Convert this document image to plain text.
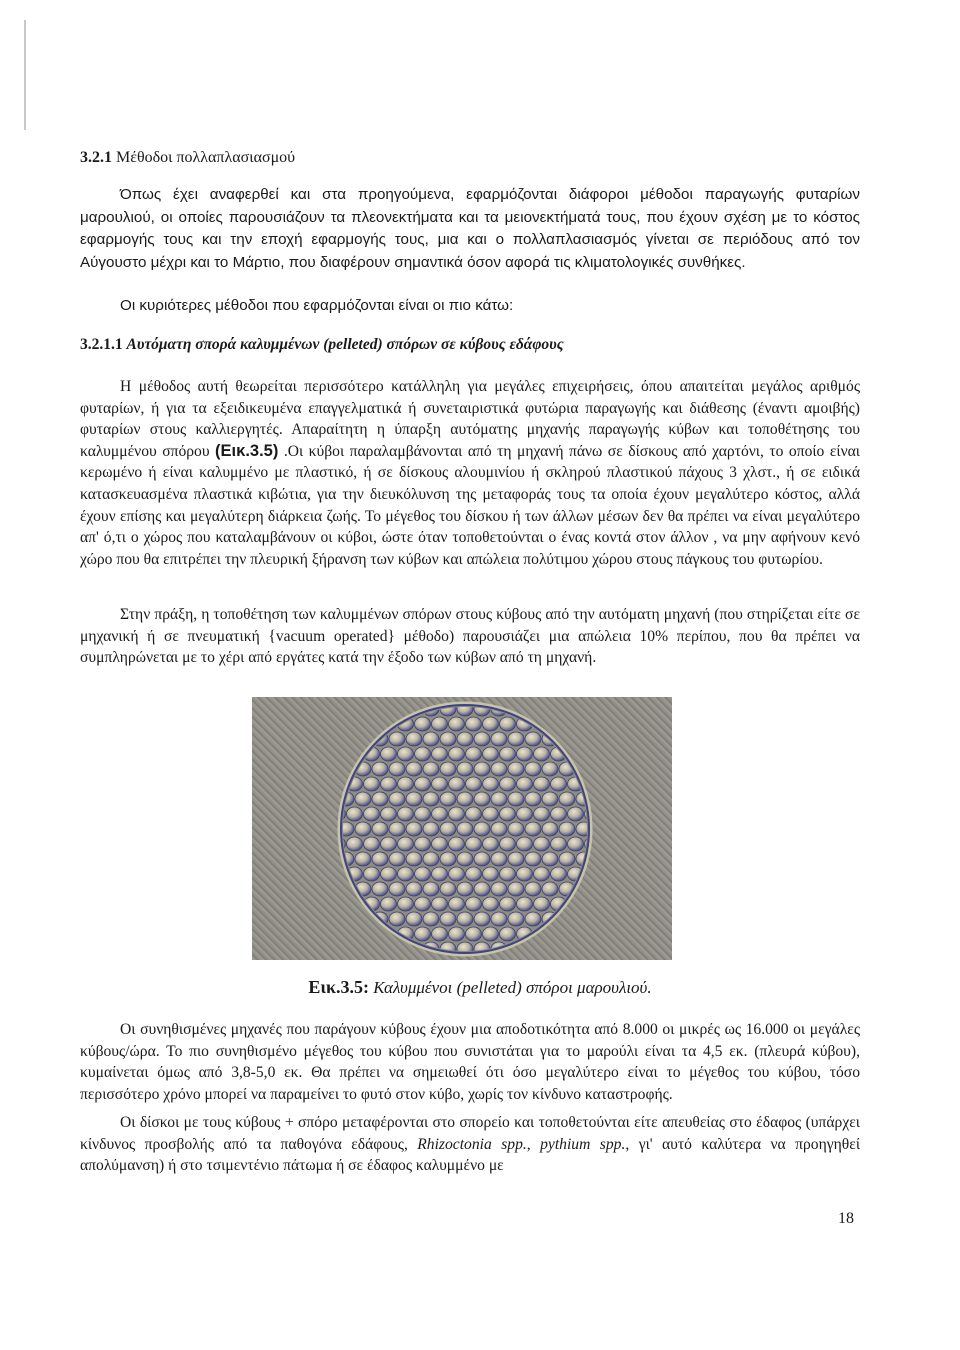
3.2.1 Μέθοδοι πολλαπλασιασμού

Όπως έχει αναφερθεί και στα προηγούμενα, εφαρμόζονται διάφοροι μέθοδοι παραγωγής φυταρίων μαρουλιού, οι οποίες παρουσιάζουν τα πλεονεκτήματα και τα μειονεκτήματά τους, που έχουν σχέση με το κόστος εφαρμογής τους και την εποχή εφαρμογής τους, μια και ο πολλαπλασιασμός γίνεται σε περιόδους από τον Αύγουστο μέχρι και το Μάρτιο, που διαφέρουν σημαντικά όσον αφορά τις κλιματολογικές συνθήκες.

Οι κυριότερες μέθοδοι που εφαρμόζονται είναι οι πιο κάτω:

3.2.1.1 Αυτόματη σπορά καλυμμένων (pelleted) σπόρων σε κύβους εδάφους

Η μέθοδος αυτή θεωρείται περισσότερο κατάλληλη για μεγάλες επιχειρήσεις, όπου απαιτείται μεγάλος αριθμός φυταρίων, ή για τα εξειδικευμένα επαγγελματικά ή συνεταιριστικά φυτώρια παραγωγής και διάθεσης (έναντι αμοιβής) φυταρίων στους καλλιεργητές. Απαραίτητη η ύπαρξη αυτόματης μηχανής παραγωγής κύβων και τοποθέτησης του καλυμμένου σπόρου (Εικ.3.5) .Οι κύβοι παραλαμβάνονται από τη μηχανή πάνω σε δίσκους από χαρτόνι, το οποίο είναι κερωμένο ή είναι καλυμμένο με πλαστικό, ή σε δίσκους αλουμινίου ή σκληρού πλαστικού πάχους 3 χλστ., ή σε ειδικά κατασκευασμένα πλαστικά κιβώτια, για την διευκόλυνση της μεταφοράς τους τα οποία έχουν μεγαλύτερο κόστος, αλλά έχουν επίσης και μεγαλύτερη διάρκεια ζωής. Το μέγεθος του δίσκου ή των άλλων μέσων δεν θα πρέπει να είναι μεγαλύτερο απ' ό,τι ο χώρος που καταλαμβάνουν οι κύβοι, ώστε όταν τοποθετούνται ο ένας κοντά στον άλλον , να μην αφήνουν κενό χώρο που θα επιτρέπει την πλευρική ξήρανση των κύβων και απώλεια πολύτιμου χώρου στους πάγκους του φυτωρίου.

Στην πράξη, η τοποθέτηση των καλυμμένων σπόρων στους κύβους από την αυτόματη μηχανή (που στηρίζεται είτε σε μηχανική ή σε πνευματική {vacuum operated} μέθοδο) παρουσιάζει μια απώλεια 10% περίπου, που θα πρέπει να συμπληρώνεται με το χέρι από εργάτες κατά την έξοδο των κύβων από τη μηχανή.

Εικ.3.5: Καλυμμένοι (pelleted) σπόροι μαρουλιού.

Οι συνηθισμένες μηχανές που παράγουν κύβους έχουν μια αποδοτικότητα από 8.000 οι μικρές ως 16.000 οι μεγάλες κύβους/ώρα. Το πιο συνηθισμένο μέγεθος του κύβου που συνιστάται για το μαρούλι είναι τα 4,5 εκ. (πλευρά κύβου), κυμαίνεται όμως από 3,8-5,0 εκ. Θα πρέπει να σημειωθεί ότι όσο μεγαλύτερο είναι το μέγεθος του κύβου, τόσο περισσότερο χρόνο μπορεί να παραμείνει το φυτό στον κύβο, χωρίς τον κίνδυνο καταστροφής.

Οι δίσκοι με τους κύβους + σπόρο μεταφέρονται στο σπορείο και τοποθετούνται είτε απευθείας στο έδαφος (υπάρχει κίνδυνος προσβολής από τα παθογόνα εδάφους, Rhizoctonia spp., pythium spp., γι' αυτό καλύτερα να προηγηθεί απολύμανση) ή στο τσιμεντένιο πάτωμα ή σε έδαφος καλυμμένο με

18
